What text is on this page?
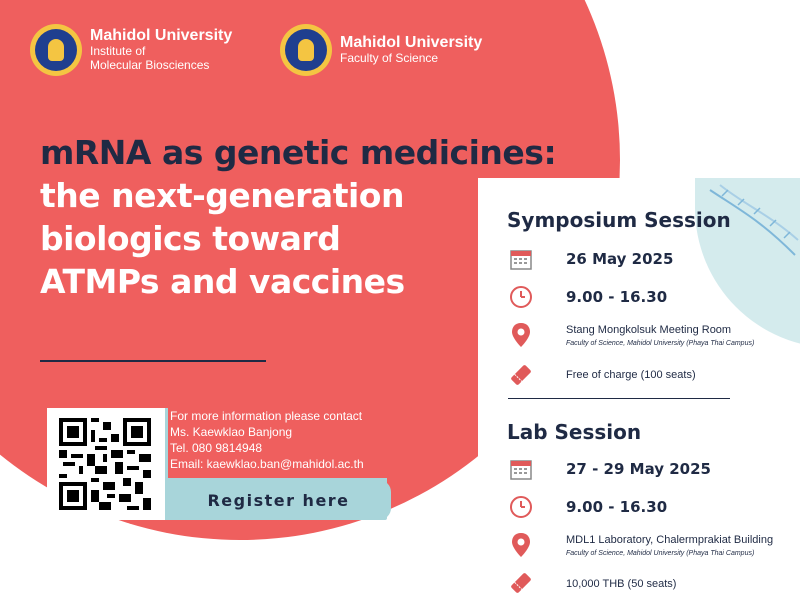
Mahidol University
Institute of
Molecular Biosciences
Mahidol University
Faculty of Science
mRNA as genetic medicines:
the next-generation
biologics toward
ATMPs and vaccines
For more information please contact
Ms. Kaewklao Banjong
Tel. 080 9814948
Email: kaewklao.ban@mahidol.ac.th
Register here
Symposium Session
26 May 2025
9.00 - 16.30
Stang Mongkolsuk Meeting Room
Faculty of Science, Mahidol University (Phaya Thai Campus)
Free of charge (100 seats)
Lab Session
27 - 29 May 2025
9.00 - 16.30
MDL1 Laboratory, Chalermprakiat Building
Faculty of Science, Mahidol University (Phaya Thai Campus)
10,000 THB (50 seats)
